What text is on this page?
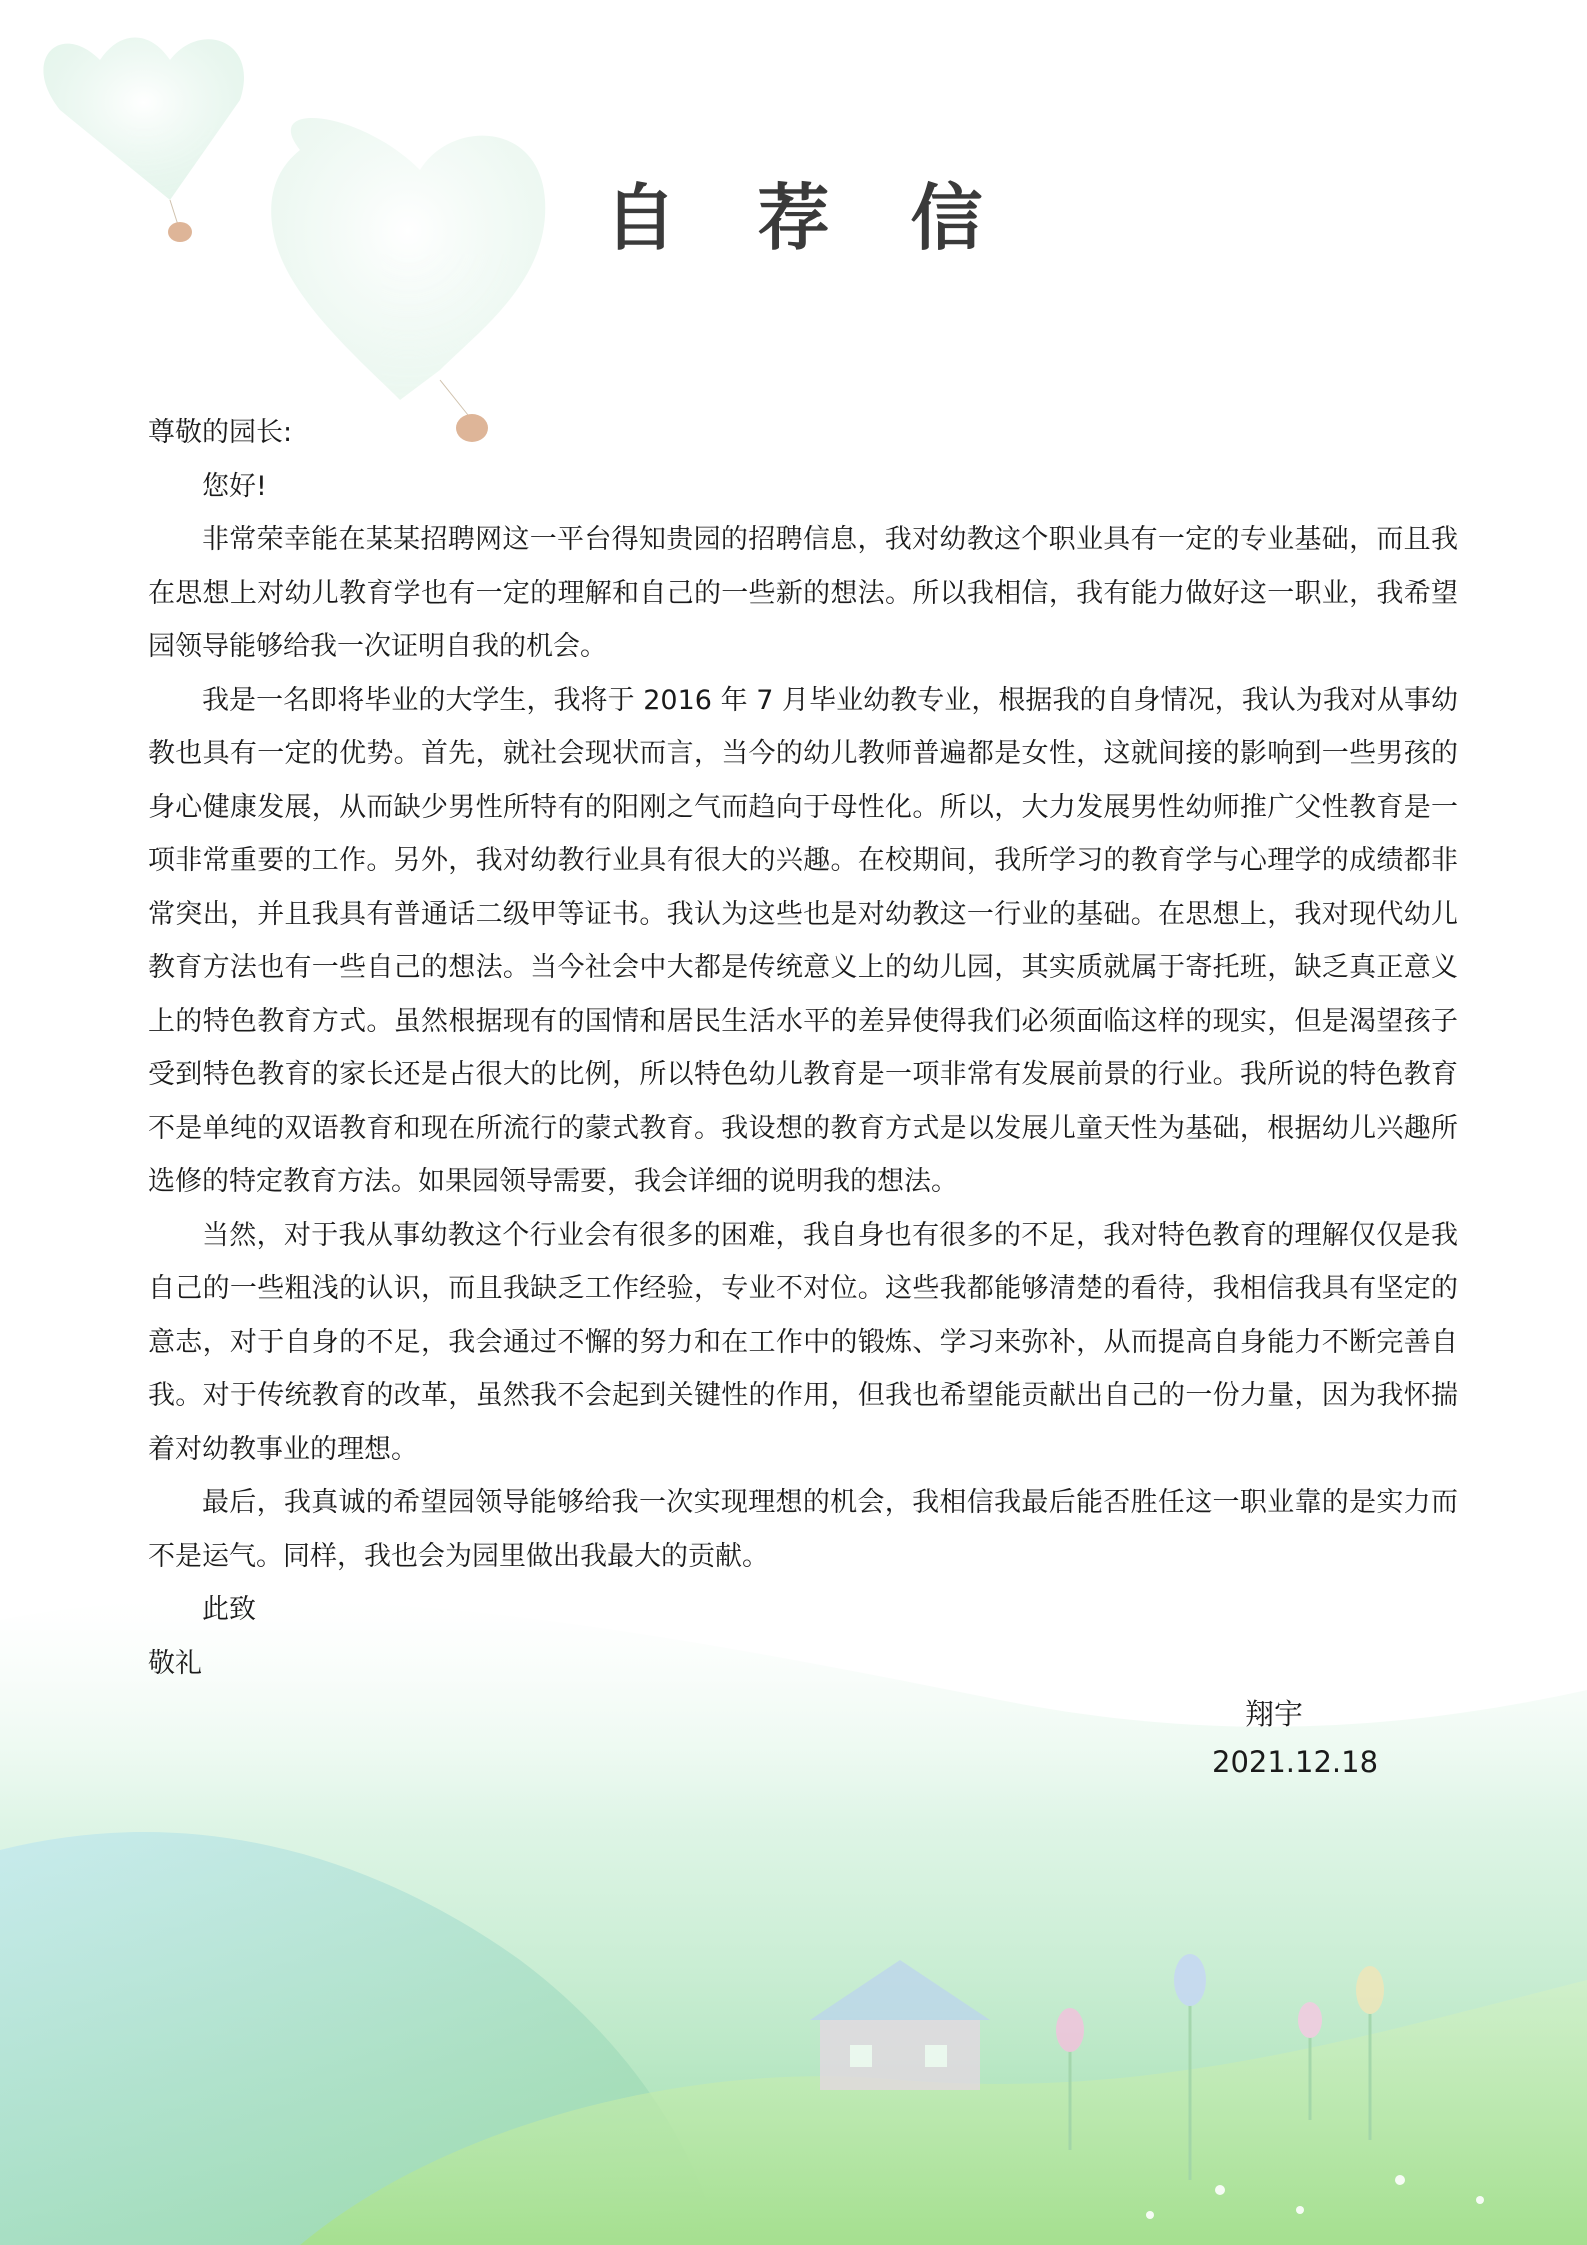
自 荐 信

尊敬的园长:

您好!

非常荣幸能在某某招聘网这一平台得知贵园的招聘信息，我对幼教这个职业具有一定的专业基础，而且我在思想上对幼儿教育学也有一定的理解和自己的一些新的想法。所以我相信，我有能力做好这一职业，我希望园领导能够给我一次证明自我的机会。

我是一名即将毕业的大学生，我将于 2016 年 7 月毕业幼教专业，根据我的自身情况，我认为我对从事幼教也具有一定的优势。首先，就社会现状而言，当今的幼儿教师普遍都是女性，这就间接的影响到一些男孩的身心健康发展，从而缺少男性所特有的阳刚之气而趋向于母性化。所以，大力发展男性幼师推广父性教育是一项非常重要的工作。另外，我对幼教行业具有很大的兴趣。在校期间，我所学习的教育学与心理学的成绩都非常突出，并且我具有普通话二级甲等证书。我认为这些也是对幼教这一行业的基础。在思想上，我对现代幼儿教育方法也有一些自己的想法。当今社会中大都是传统意义上的幼儿园，其实质就属于寄托班，缺乏真正意义上的特色教育方式。虽然根据现有的国情和居民生活水平的差异使得我们必须面临这样的现实，但是渴望孩子受到特色教育的家长还是占很大的比例，所以特色幼儿教育是一项非常有发展前景的行业。我所说的特色教育不是单纯的双语教育和现在所流行的蒙式教育。我设想的教育方式是以发展儿童天性为基础，根据幼儿兴趣所选修的特定教育方法。如果园领导需要，我会详细的说明我的想法。

当然，对于我从事幼教这个行业会有很多的困难，我自身也有很多的不足，我对特色教育的理解仅仅是我自己的一些粗浅的认识，而且我缺乏工作经验，专业不对位。这些我都能够清楚的看待，我相信我具有坚定的意志，对于自身的不足，我会通过不懈的努力和在工作中的锻炼、学习来弥补，从而提高自身能力不断完善自我。对于传统教育的改革，虽然我不会起到关键性的作用，但我也希望能贡献出自己的一份力量，因为我怀揣着对幼教事业的理想。

最后，我真诚的希望园领导能够给我一次实现理想的机会，我相信我最后能否胜任这一职业靠的是实力而不是运气。同样，我也会为园里做出我最大的贡献。

此致

敬礼

翔宇
2021.12.18
